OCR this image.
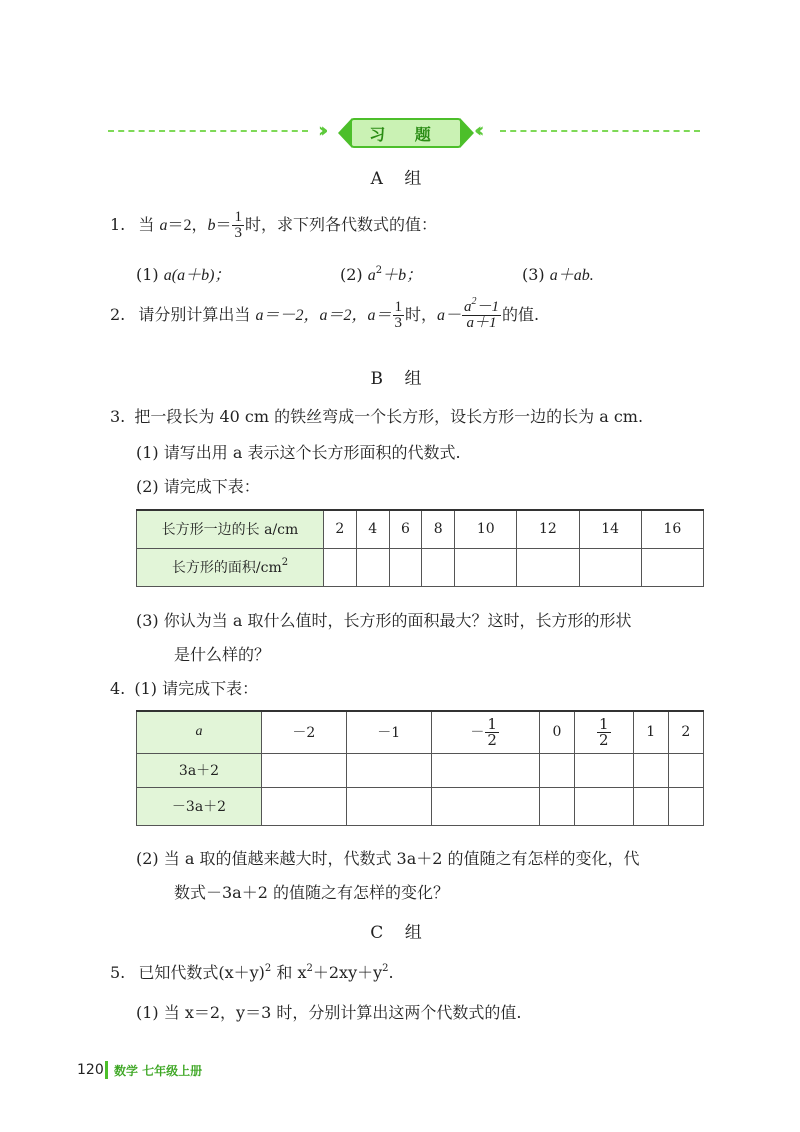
››	习 题	‹‹
A 组
1. 当 a＝2，$b= \frac{1}{3}$ 时，求下列各代数式的值：
(1) a(a＋b)；	(2) $a^2+b$；	(3) a＋ab.
2. 请分别计算出当 a＝－2，a＝2，$a= \frac{1}{3}$ 时，$a- \frac{a^2-1}{a+1}$ 的值.
B 组
3. 把一段长为 40 cm 的铁丝弯成一个长方形，设长方形一边的长为 a cm.
(1) 请写出用 a 表示这个长方形面积的代数式.
(2) 请完成下表：
长方形一边的长 a/cm	2	4	6	8	10	12	14	16
长方形的面积$/cm^2$								
(3) 你认为当 a 取什么值时，长方形的面积最大？这时，长方形的形状
是什么样的？
4. (1) 请完成下表：
a	－2	－1	－ $\frac{1}{2}$	0	$\frac{1}{2}$	1	2
3a＋2							
－3a＋2							
(2) 当 a 取的值越来越大时，代数式 3a＋2 的值随之有怎样的变化，代
数式－3a＋2 的值随之有怎样的变化？
C 组
5. 已知代数式$(x+y)^2$ 和 $x^2+2xy+y^2$.
(1) 当 x＝2，y＝3 时，分别计算出这两个代数式的值.
120 数学 七年级上册
